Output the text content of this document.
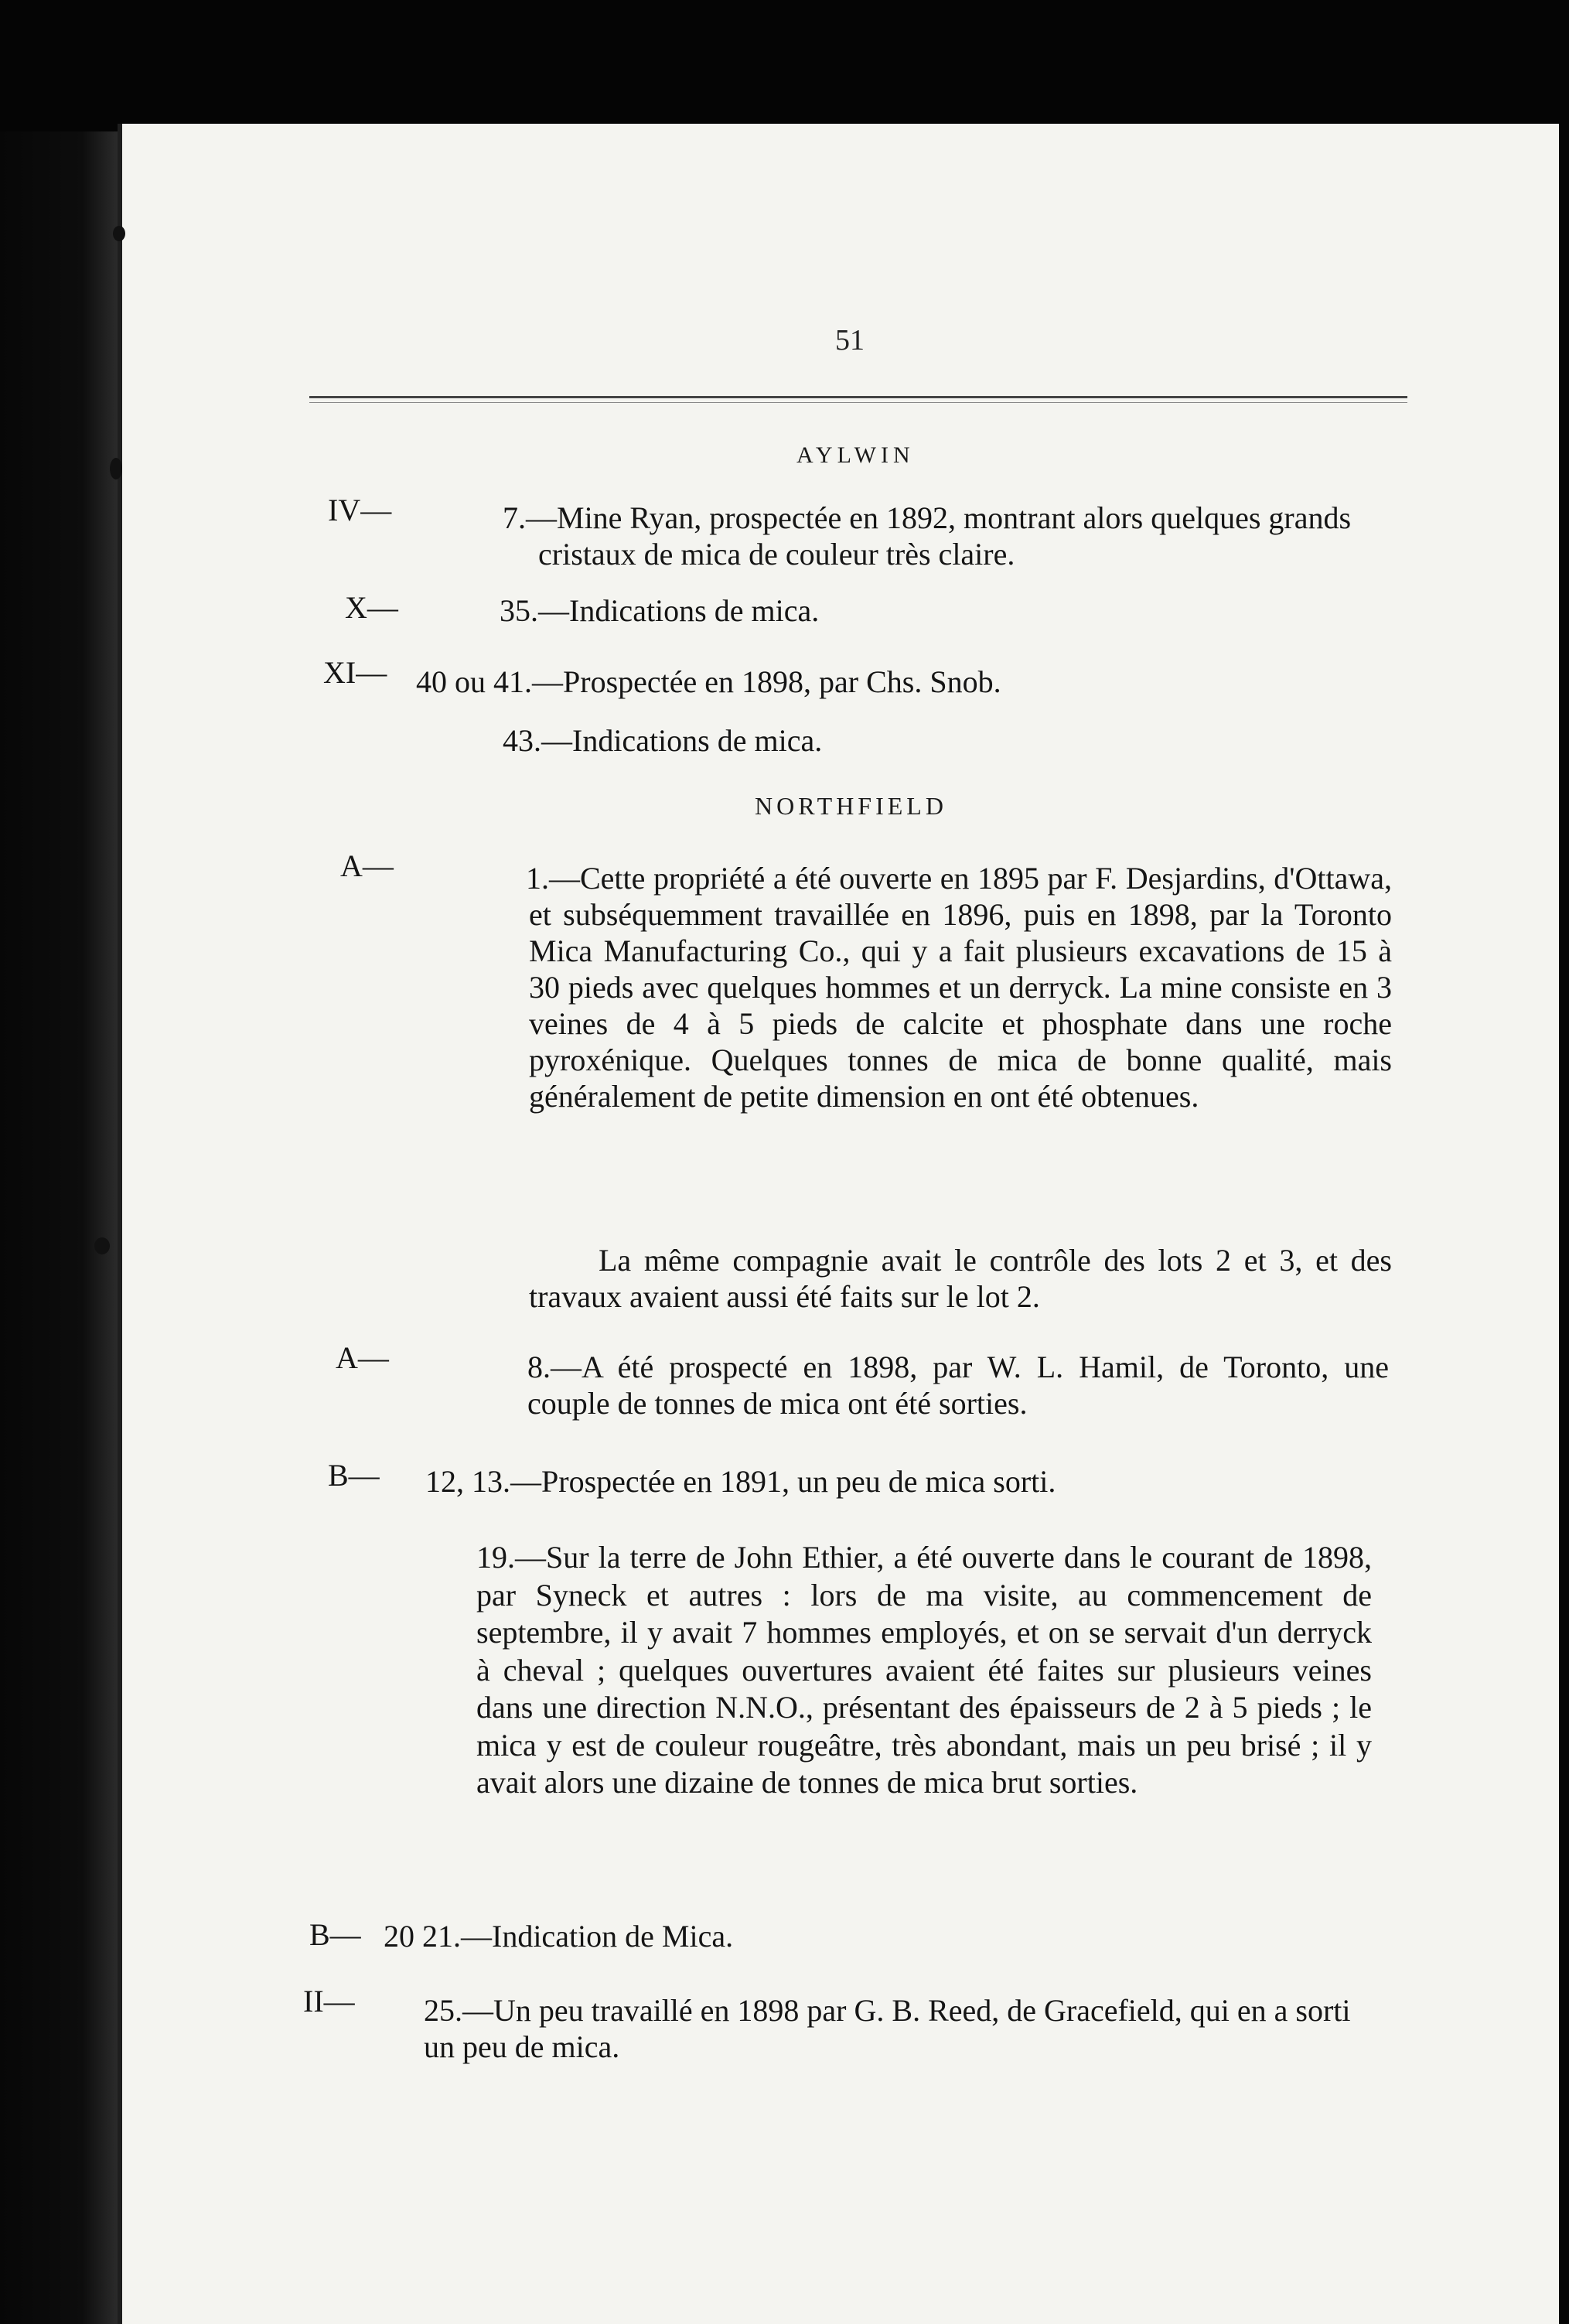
51
AYLWIN
IV—	7.—Mine Ryan, prospectée en 1892, montrant alors quelques grands cristaux de mica de couleur très claire.
X—	35.—Indications de mica.
XI— 40 ou 41.—Prospectée en 1898, par Chs. Snob.
43.—Indications de mica.
NORTHFIELD
A—	1.—Cette propriété a été ouverte en 1895 par F. Desjardins, d'Ottawa, et subséquemment travaillée en 1896, puis en 1898, par la Toronto Mica Manufacturing Co., qui y a fait plusieurs excavations de 15 à 30 pieds avec quelques hommes et un derryck. La mine consiste en 3 veines de 4 à 5 pieds de calcite et phosphate dans une roche pyroxénique. Quelques tonnes de mica de bonne qualité, mais généralement de petite dimension en ont été obtenues.
La même compagnie avait le contrôle des lots 2 et 3, et des travaux avaient aussi été faits sur le lot 2.
A—	8.—A été prospecté en 1898, par W. L. Hamil, de Toronto, une couple de tonnes de mica ont été sorties.
B— 12, 13.—Prospectée en 1891, un peu de mica sorti.
19.—Sur la terre de John Ethier, a été ouverte dans le courant de 1898, par Syneck et autres : lors de ma visite, au commencement de septembre, il y avait 7 hommes employés, et on se servait d'un derryck à cheval ; quelques ouvertures avaient été faites sur plusieurs veines dans une direction N.N.O., présentant des épaisseurs de 2 à 5 pieds ; le mica y est de couleur rougeâtre, très abondant, mais un peu brisé ; il y avait alors une dizaine de tonnes de mica brut sorties.
B— 20 21.—Indication de Mica.
II— 25.—Un peu travaillé en 1898 par G. B. Reed, de Gracefield, qui en a sorti un peu de mica.
